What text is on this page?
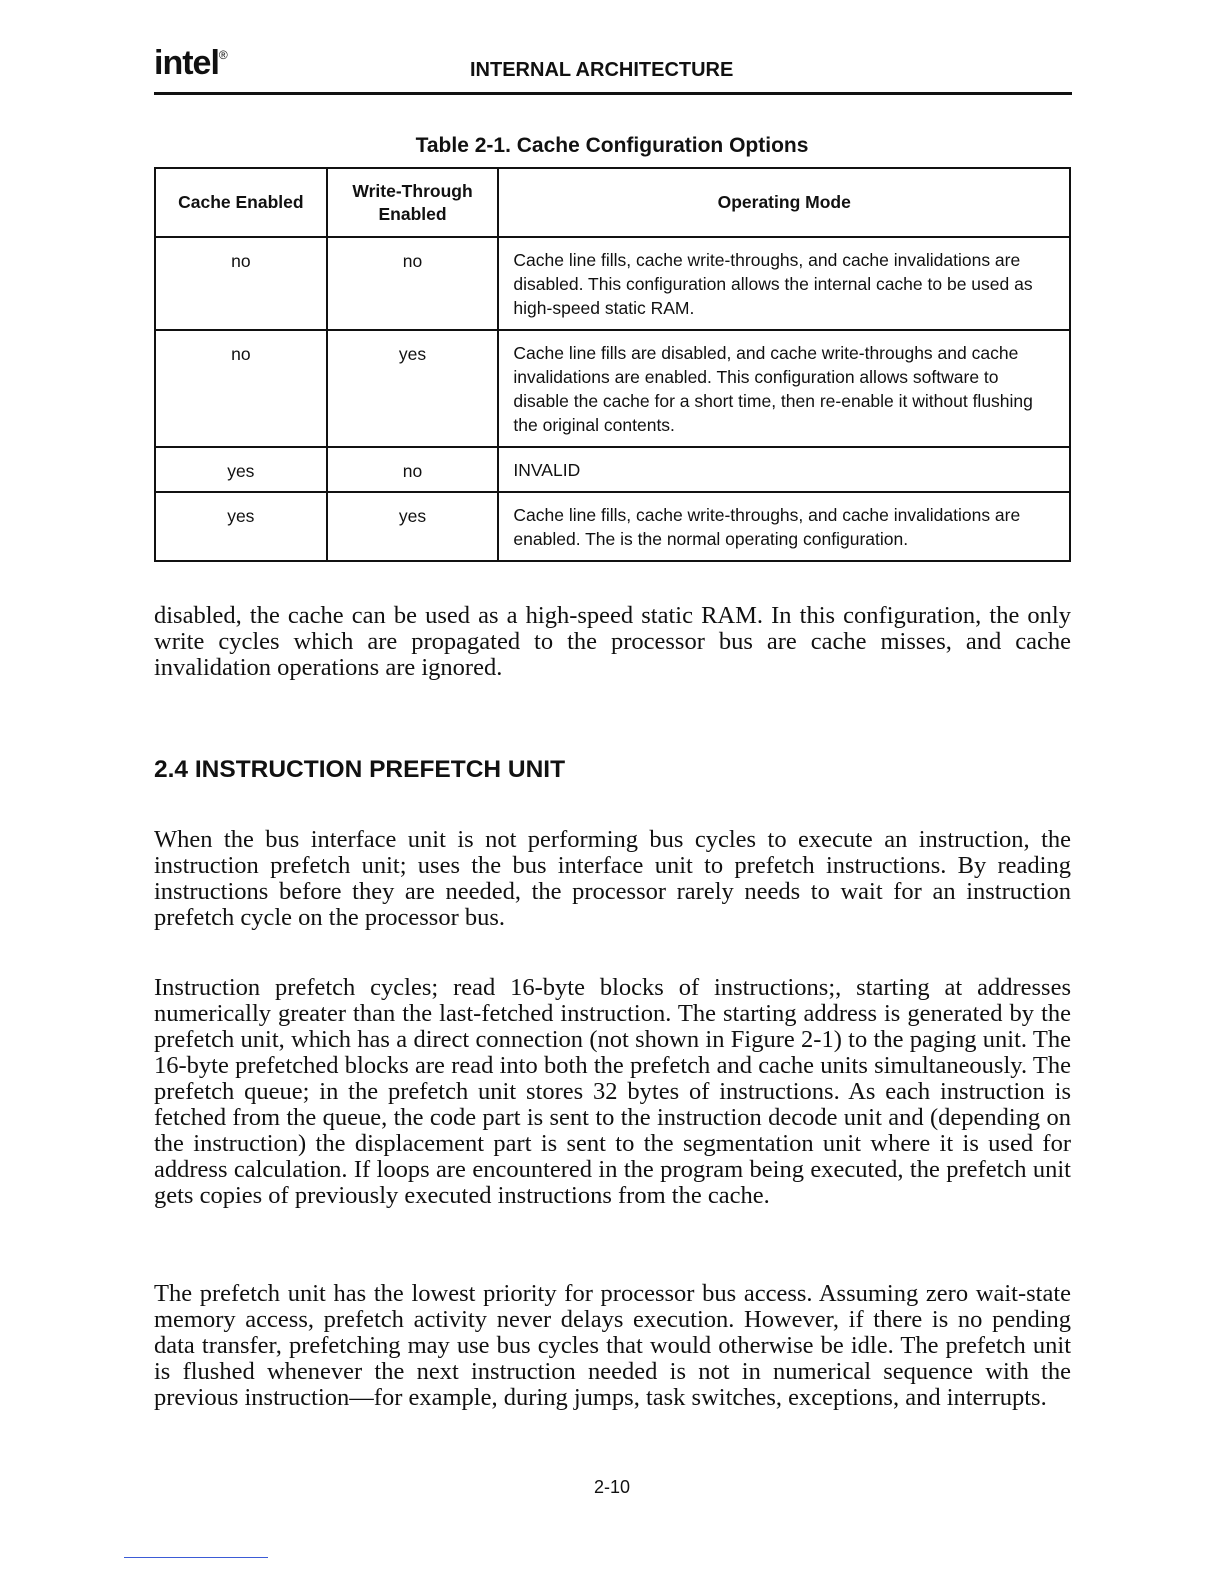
intel®
INTERNAL ARCHITECTURE
Table 2-1. Cache Configuration Options
Cache Enabled	Write-Through Enabled	Operating Mode
no	no	Cache line fills, cache write-throughs, and cache invalidations are disabled. This configuration allows the internal cache to be used as high-speed static RAM.
no	yes	Cache line fills are disabled, and cache write-throughs and cache invalidations are enabled. This configuration allows software to disable the cache for a short time, then re-enable it without flushing the original contents.
yes	no	INVALID
yes	yes	Cache line fills, cache write-throughs, and cache invalidations are enabled. The is the normal operating configuration.

disabled, the cache can be used as a high-speed static RAM. In this configuration, the only write cycles which are propagated to the processor bus are cache misses, and cache invalidation operations are ignored.

2.4 INSTRUCTION PREFETCH UNIT

When the bus interface unit is not performing bus cycles to execute an instruction, the instruction prefetch unit; uses the bus interface unit to prefetch instructions. By reading instructions before they are needed, the processor rarely needs to wait for an instruction prefetch cycle on the processor bus.

Instruction prefetch cycles; read 16-byte blocks of instructions;, starting at addresses numerically greater than the last-fetched instruction. The starting address is generated by the prefetch unit, which has a direct connection (not shown in Figure 2-1) to the paging unit. The 16-byte prefetched blocks are read into both the prefetch and cache units simultaneously. The prefetch queue; in the prefetch unit stores 32 bytes of instructions. As each instruction is fetched from the queue, the code part is sent to the instruction decode unit and (depending on the instruction) the displacement part is sent to the segmentation unit where it is used for address calculation. If loops are encountered in the program being executed, the prefetch unit gets copies of previously executed instructions from the cache.

The prefetch unit has the lowest priority for processor bus access. Assuming zero wait-state memory access, prefetch activity never delays execution. However, if there is no pending data transfer, prefetching may use bus cycles that would otherwise be idle. The prefetch unit is flushed whenever the next instruction needed is not in numerical sequence with the previous instruction—for example, during jumps, task switches, exceptions, and interrupts.

2-10
